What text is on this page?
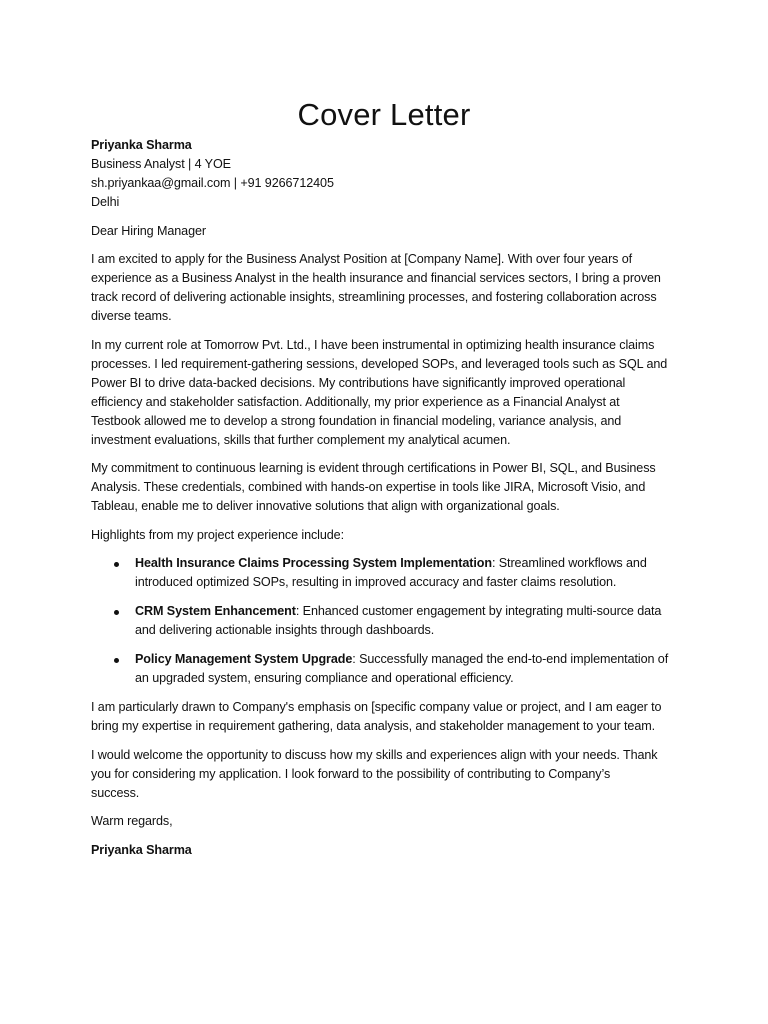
Cover Letter
Priyanka Sharma
Business Analyst | 4 YOE
sh.priyankaa@gmail.com | +91 9266712405
Delhi
Dear Hiring Manager
I am excited to apply for the Business Analyst Position at [Company Name]. With over four years of
experience as a Business Analyst in the health insurance and financial services sectors, I bring a proven
track record of delivering actionable insights, streamlining processes, and fostering collaboration across
diverse teams.
In my current role at Tomorrow Pvt. Ltd., I have been instrumental in optimizing health insurance claims
processes. I led requirement-gathering sessions, developed SOPs, and leveraged tools such as SQL and
Power BI to drive data-backed decisions. My contributions have significantly improved operational
efficiency and stakeholder satisfaction. Additionally, my prior experience as a Financial Analyst at
Testbook allowed me to develop a strong foundation in financial modeling, variance analysis, and
investment evaluations, skills that further complement my analytical acumen.
My commitment to continuous learning is evident through certifications in Power BI, SQL, and Business
Analysis. These credentials, combined with hands-on expertise in tools like JIRA, Microsoft Visio, and
Tableau, enable me to deliver innovative solutions that align with organizational goals.
Highlights from my project experience include:
Health Insurance Claims Processing System Implementation: Streamlined workflows and
introduced optimized SOPs, resulting in improved accuracy and faster claims resolution.
CRM System Enhancement: Enhanced customer engagement by integrating multi-source data
and delivering actionable insights through dashboards.
Policy Management System Upgrade: Successfully managed the end-to-end implementation of
an upgraded system, ensuring compliance and operational efficiency.
I am particularly drawn to Company's emphasis on [specific company value or project, and I am eager to
bring my expertise in requirement gathering, data analysis, and stakeholder management to your team.
I would welcome the opportunity to discuss how my skills and experiences align with your needs. Thank
you for considering my application. I look forward to the possibility of contributing to Company’s
success.
Warm regards,
Priyanka Sharma
